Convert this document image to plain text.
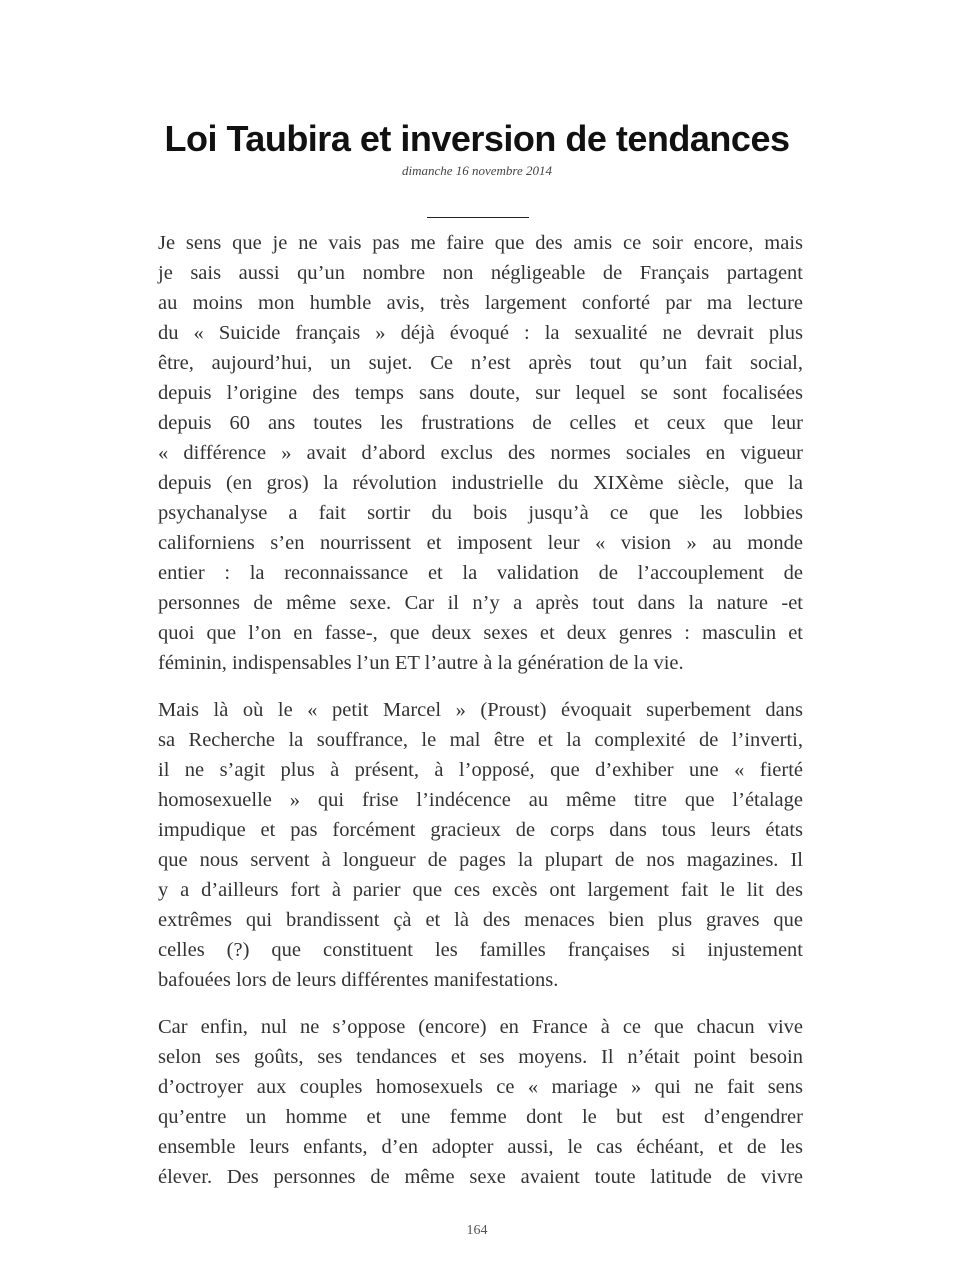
Loi Taubira et inversion de tendances
dimanche 16 novembre 2014
Je sens que je ne vais pas me faire que des amis ce soir encore, mais
je sais aussi qu’un nombre non négligeable de Français partagent
au moins mon humble avis, très largement conforté par ma lecture
du « Suicide français » déjà évoqué : la sexualité ne devrait plus
être, aujourd’hui, un sujet. Ce n’est après tout qu’un fait social,
depuis l’origine des temps sans doute, sur lequel se sont focalisées
depuis 60 ans toutes les frustrations de celles et ceux que leur
« différence » avait d’abord exclus des normes sociales en vigueur
depuis (en gros) la révolution industrielle du XIXème siècle, que la
psychanalyse a fait sortir du bois jusqu’à ce que les lobbies
californiens s’en nourrissent et imposent leur « vision » au monde
entier : la reconnaissance et la validation de l’accouplement de
personnes de même sexe. Car il n’y a après tout dans la nature -et
quoi que l’on en fasse-, que deux sexes et deux genres : masculin et
féminin, indispensables l’un ET l’autre à la génération de la vie.
Mais là où le « petit Marcel » (Proust) évoquait superbement dans
sa Recherche la souffrance, le mal être et la complexité de l’inverti,
il ne s’agit plus à présent, à l’opposé, que d’exhiber une « fierté
homosexuelle » qui frise l’indécence au même titre que l’étalage
impudique et pas forcément gracieux de corps dans tous leurs états
que nous servent à longueur de pages la plupart de nos magazines. Il
y a d’ailleurs fort à parier que ces excès ont largement fait le lit des
extrêmes qui brandissent çà et là des menaces bien plus graves que
celles (?) que constituent les familles françaises si injustement
bafouées lors de leurs différentes manifestations.
Car enfin, nul ne s’oppose (encore) en France à ce que chacun vive
selon ses goûts, ses tendances et ses moyens. Il n’était point besoin
d’octroyer aux couples homosexuels ce « mariage » qui ne fait sens
qu’entre un homme et une femme dont le but est d’engendrer
ensemble leurs enfants, d’en adopter aussi, le cas échéant, et de les
élever. Des personnes de même sexe avaient toute latitude de vivre
164
